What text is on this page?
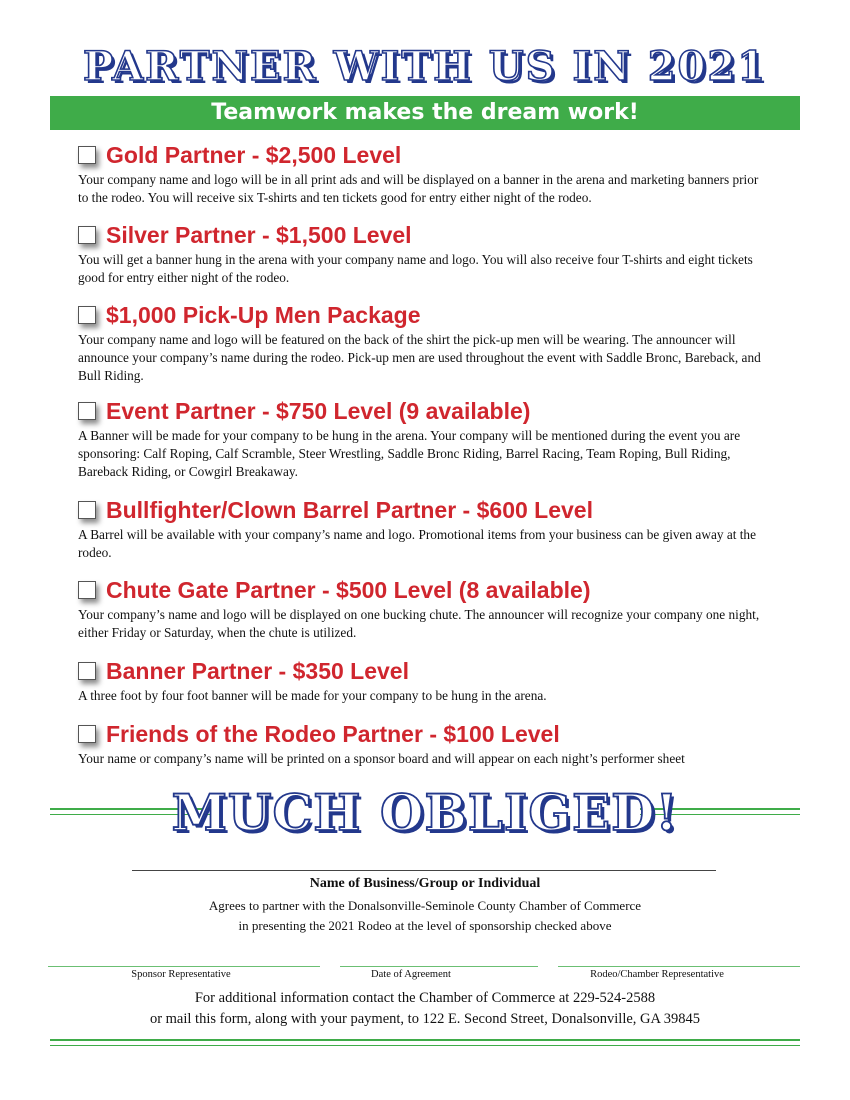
PARTNER WITH US IN 2021
Teamwork makes the dream work!
Gold Partner - $2,500 Level
Your company name and logo will be in all print ads and will be displayed on a banner in the arena and marketing banners prior to the rodeo. You will receive six T-shirts and ten tickets good for entry either night of the rodeo.
Silver Partner - $1,500 Level
You will get a banner hung in the arena with your company name and logo. You will also receive four T-shirts and eight tickets good for entry either night of the rodeo.
$1,000 Pick-Up Men Package
Your company name and logo will be featured on the back of the shirt the pick-up men will be wearing. The announcer will announce your company’s name during the rodeo. Pick-up men are used throughout the event with Saddle Bronc, Bareback, and Bull Riding.
Event Partner - $750 Level (9 available)
A Banner will be made for your company to be hung in the arena. Your company will be mentioned during the event you are sponsoring: Calf Roping, Calf Scramble, Steer Wrestling, Saddle Bronc Riding, Barrel Racing, Team Roping, Bull Riding, Bareback Riding, or Cowgirl Breakaway.
Bullfighter/Clown Barrel Partner - $600 Level
A Barrel will be available with your company’s name and logo. Promotional items from your business can be given away at the rodeo.
Chute Gate Partner - $500 Level (8 available)
Your company’s name and logo will be displayed on one bucking chute. The announcer will recognize your company one night, either Friday or Saturday, when the chute is utilized.
Banner Partner - $350 Level
A three foot by four foot banner will be made for your company to be hung in the arena.
Friends of the Rodeo Partner - $100 Level
Your name or company’s name will be printed on a sponsor board and will appear on each night’s performer sheet
MUCH OBLIGED!
Name of Business/Group or Individual
Agrees to partner with the Donalsonville-Seminole County Chamber of Commerce
in presenting the 2021 Rodeo at the level of sponsorship checked above
Sponsor Representative	Date of Agreement	Rodeo/Chamber Representative
For additional information contact the Chamber of Commerce at 229-524-2588
or mail this form, along with your payment, to 122 E. Second Street, Donalsonville, GA 39845
